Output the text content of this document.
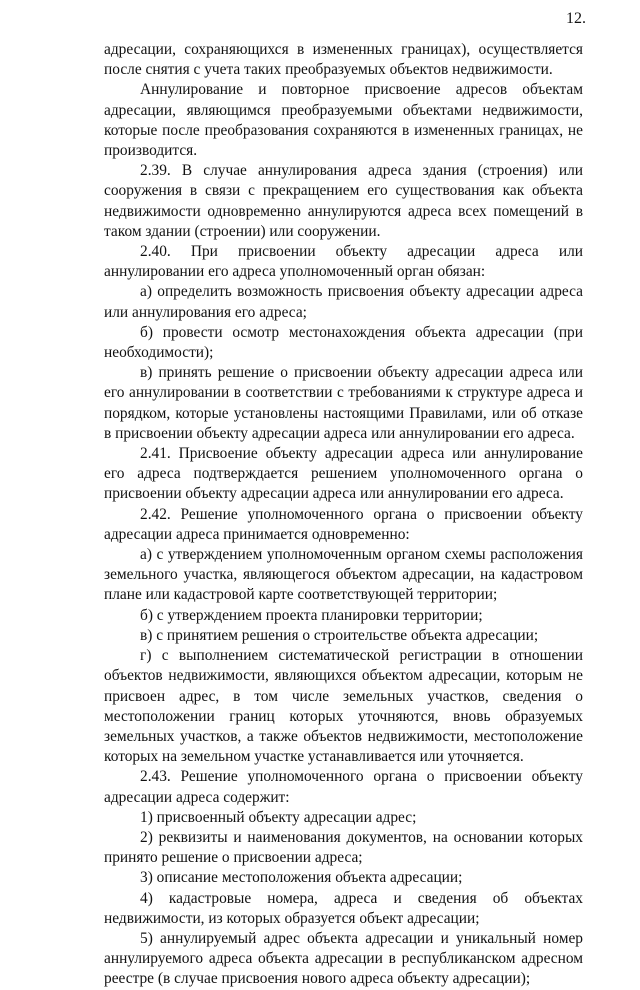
12.

адресации, сохраняющихся в измененных границах), осуществляется после снятия с учета таких преобразуемых объектов недвижимости.

Аннулирование и повторное присвоение адресов объектам адресации, являющимся преобразуемыми объектами недвижимости, которые после преобразования сохраняются в измененных границах, не производится.

2.39. В случае аннулирования адреса здания (строения) или сооружения в связи с прекращением его существования как объекта недвижимости одновременно аннулируются адреса всех помещений в таком здании (строении) или сооружении.

2.40. При присвоении объекту адресации адреса или аннулировании его адреса уполномоченный орган обязан:

а) определить возможность присвоения объекту адресации адреса или аннулирования его адреса;

б) провести осмотр местонахождения объекта адресации (при необходимости);

в) принять решение о присвоении объекту адресации адреса или его аннулировании в соответствии с требованиями к структуре адреса и порядком, которые установлены настоящими Правилами, или об отказе в присвоении объекту адресации адреса или аннулировании его адреса.

2.41. Присвоение объекту адресации адреса или аннулирование его адреса подтверждается решением уполномоченного органа о присвоении объекту адресации адреса или аннулировании его адреса.

2.42. Решение уполномоченного органа о присвоении объекту адресации адреса принимается одновременно:

а) с утверждением уполномоченным органом схемы расположения земельного участка, являющегося объектом адресации, на кадастровом плане или кадастровой карте соответствующей территории;

б) с утверждением проекта планировки территории;

в) с принятием решения о строительстве объекта адресации;

г) с выполнением систематической регистрации в отношении объектов недвижимости, являющихся объектом адресации, которым не присвоен адрес, в том числе земельных участков, сведения о местоположении границ которых уточняются, вновь образуемых земельных участков, а также объектов недвижимости, местоположение которых на земельном участке устанавливается или уточняется.

2.43. Решение уполномоченного органа о присвоении объекту адресации адреса содержит:

1) присвоенный объекту адресации адрес;

2) реквизиты и наименования документов, на основании которых принято решение о присвоении адреса;

3) описание местоположения объекта адресации;

4) кадастровые номера, адреса и сведения об объектах недвижимости, из которых образуется объект адресации;

5) аннулируемый адрес объекта адресации и уникальный номер аннулируемого адреса объекта адресации в республиканском адресном реестре (в случае присвоения нового адреса объекту адресации);
